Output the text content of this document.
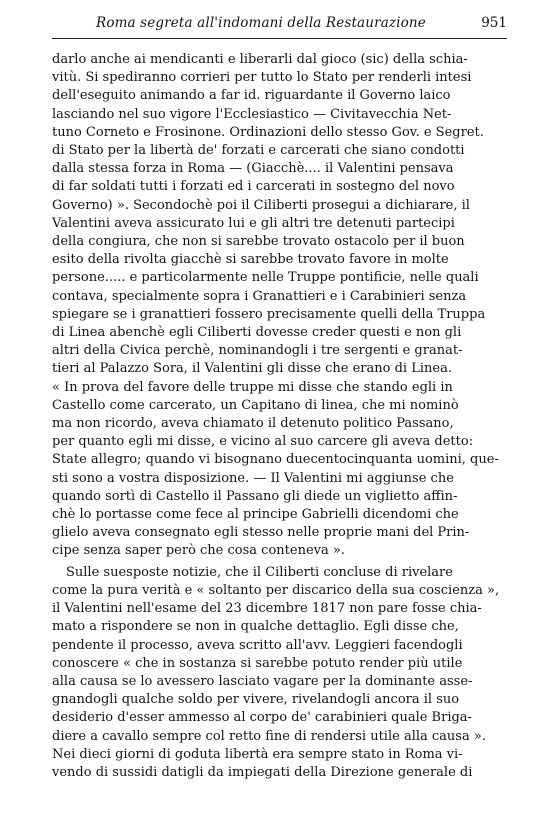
Roma segreta all'indomani della Restaurazione	951
darlo anche ai mendicanti e liberarli dal gioco (sic) della schia-
vitù. Si spediranno corrieri per tutto lo Stato per renderli intesi
dell'eseguito animando a far id. riguardante il Governo laico
lasciando nel suo vigore l'Ecclesiastico — Civitavecchia Net-
tuno Corneto e Frosinone. Ordinazioni dello stesso Gov. e Segret.
di Stato per la libertà de' forzati e carcerati che siano condotti
dalla stessa forza in Roma — (Giacchè.... il Valentini pensava
di far soldati tutti i forzati ed i carcerati in sostegno del novo
Governo) ». Secondochè poi il Ciliberti prosegui a dichiarare, il
Valentini aveva assicurato lui e gli altri tre detenuti partecipi
della congiura, che non si sarebbe trovato ostacolo per il buon
esito della rivolta giacchè si sarebbe trovato favore in molte
persone..... e particolarmente nelle Truppe pontificie, nelle quali
contava, specialmente sopra i Granattieri e i Carabinieri senza
spiegare se i granattieri fossero precisamente quelli della Truppa
di Linea abenchè egli Ciliberti dovesse creder questi e non gli
altri della Civica perchè, nominandogli i tre sergenti e granat-
tieri al Palazzo Sora, il Valentini gli disse che erano di Linea.
« In prova del favore delle truppe mi disse che stando egli in
Castello come carcerato, un Capitano di linea, che mi nominò
ma non ricordo, aveva chiamato il detenuto politico Passano,
per quanto egli mi disse, e vicino al suo carcere gli aveva detto:
State allegro; quando vi bisognano duecentocinquanta uomini, que-
sti sono a vostra disposizione. — Il Valentini mi aggiunse che
quando sortì di Castello il Passano gli diede un viglietto affin-
chè lo portasse come fece al principe Gabrielli dicendomi che
glielo aveva consegnato egli stesso nelle proprie mani del Prin-
cipe senza saper però che cosa conteneva ».
Sulle suesposte notizie, che il Ciliberti concluse di rivelare
come la pura verità e « soltanto per discarico della sua coscienza »,
il Valentini nell'esame del 23 dicembre 1817 non pare fosse chia-
mato a rispondere se non in qualche dettaglio. Egli disse che,
pendente il processo, aveva scritto all'avv. Leggieri facendogli
conoscere « che in sostanza si sarebbe potuto render più utile
alla causa se lo avessero lasciato vagare per la dominante asse-
gnandogli qualche soldo per vivere, rivelandogli ancora il suo
desiderio d'esser ammesso al corpo de' carabinieri quale Briga-
diere a cavallo sempre col retto fine di rendersi utile alla causa ».
Nei dieci giorni di goduta libertà era sempre stato in Roma vi-
vendo di sussidi datigli da impiegati della Direzione generale di
